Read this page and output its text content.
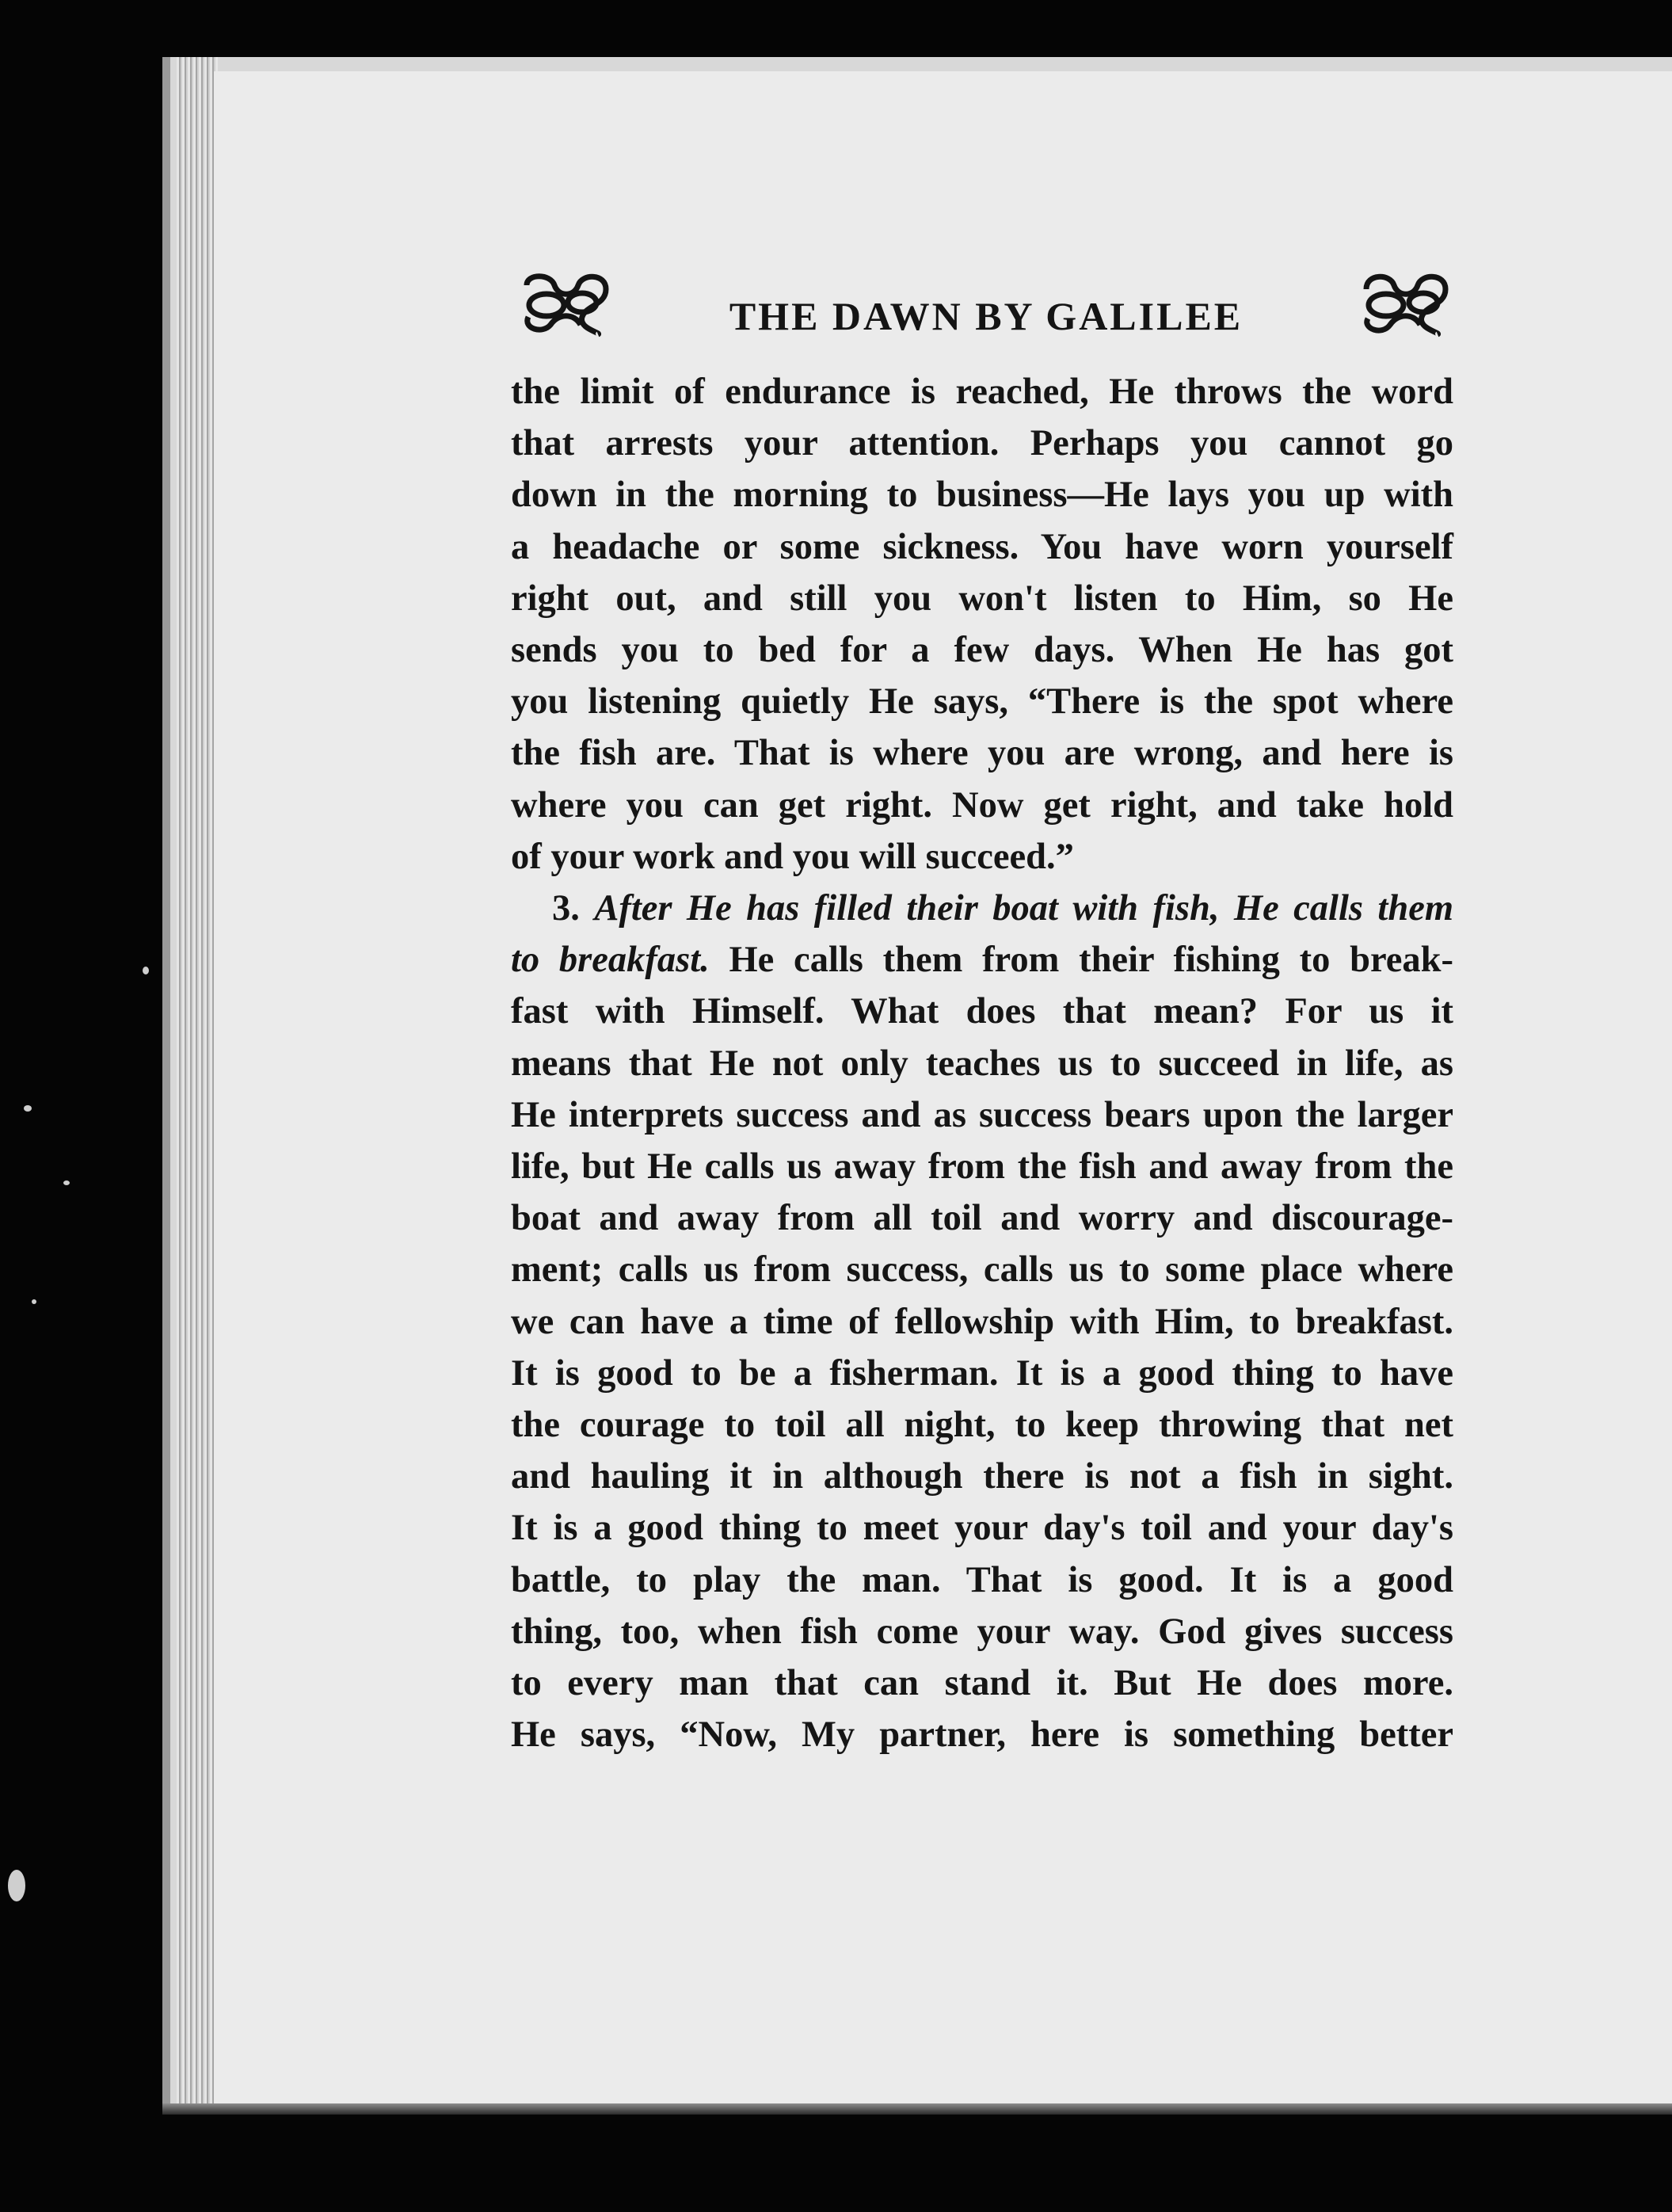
THE DAWN BY GALILEE
the limit of endurance is reached, He throws the word
that arrests your attention. Perhaps you cannot go
down in the morning to business—He lays you up with
a headache or some sickness. You have worn yourself
right out, and still you won't listen to Him, so He
sends you to bed for a few days. When He has got
you listening quietly He says, “There is the spot where
the fish are. That is where you are wrong, and here is
where you can get right. Now get right, and take hold
of your work and you will succeed.”
3. After He has filled their boat with fish, He calls them
to breakfast. He calls them from their fishing to break-
fast with Himself. What does that mean? For us it
means that He not only teaches us to succeed in life, as
He interprets success and as success bears upon the larger
life, but He calls us away from the fish and away from the
boat and away from all toil and worry and discourage-
ment; calls us from success, calls us to some place where
we can have a time of fellowship with Him, to breakfast.
It is good to be a fisherman. It is a good thing to have
the courage to toil all night, to keep throwing that net
and hauling it in although there is not a fish in sight.
It is a good thing to meet your day's toil and your day's
battle, to play the man. That is good. It is a good
thing, too, when fish come your way. God gives success
to every man that can stand it. But He does more.
He says, “Now, My partner, here is something better
